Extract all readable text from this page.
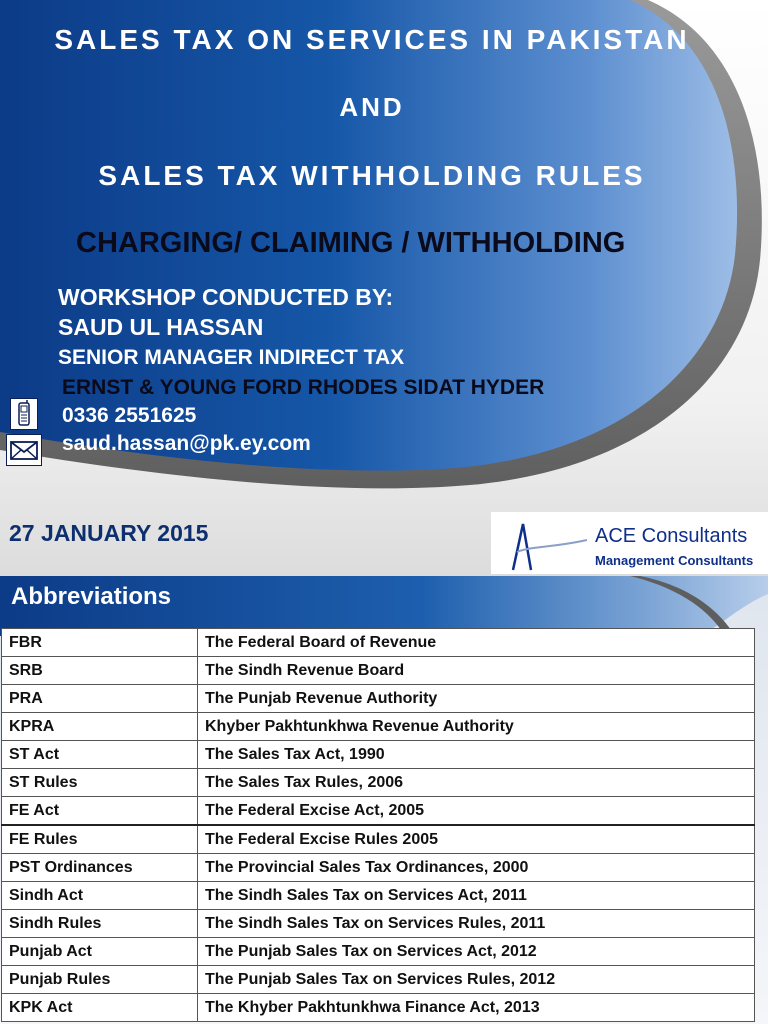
SALES TAX ON SERVICES IN PAKISTAN
AND
SALES TAX WITHHOLDING RULES
CHARGING/ CLAIMING / WITHHOLDING
WORKSHOP CONDUCTED BY:
SAUD UL HASSAN
SENIOR MANAGER INDIRECT TAX
ERNST & YOUNG FORD RHODES SIDAT HYDER
0336 2551625
saud.hassan@pk.ey.com
27 JANUARY 2015	ACE Consultants
Management Consultants
Abbreviations
FBR	The Federal Board of Revenue
SRB	The Sindh Revenue Board
PRA	The Punjab Revenue Authority
KPRA	Khyber Pakhtunkhwa Revenue Authority
ST Act	The Sales Tax Act, 1990
ST Rules	The Sales Tax Rules, 2006
FE Act	The Federal Excise Act, 2005
FE Rules	The Federal Excise Rules 2005
PST Ordinances	The Provincial Sales Tax Ordinances, 2000
Sindh Act	The Sindh Sales Tax on Services Act, 2011
Sindh Rules	The Sindh Sales Tax on Services Rules, 2011
Punjab Act	The Punjab Sales Tax on Services Act, 2012
Punjab Rules	The Punjab Sales Tax on Services Rules, 2012
KPK Act	The Khyber Pakhtunkhwa Finance Act, 2013
